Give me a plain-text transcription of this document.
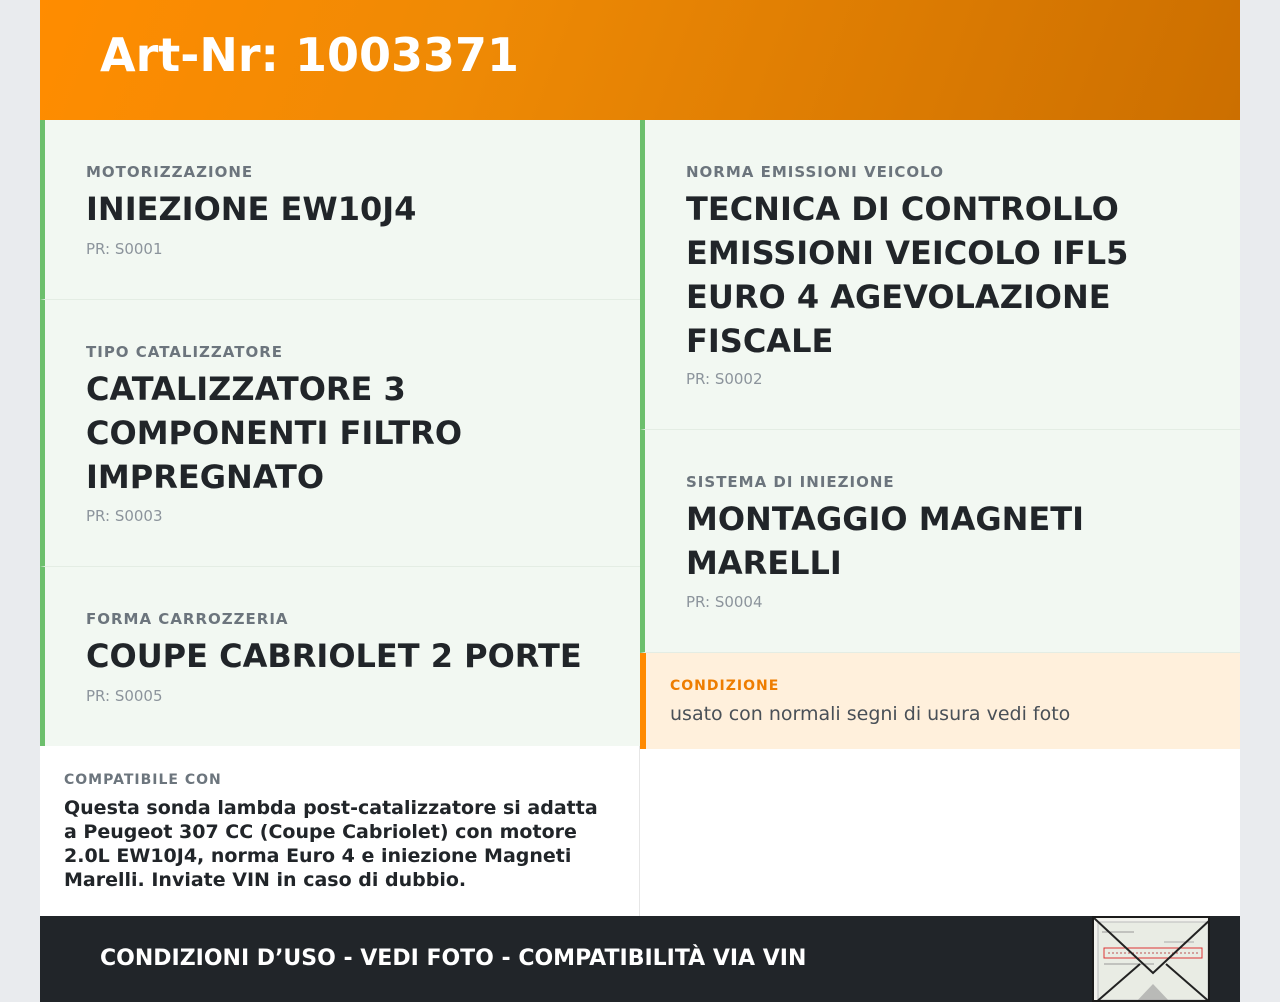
Art-Nr: 1003371
MOTORIZZAZIONE
INIEZIONE EW10J4
PR: S0001
TIPO CATALIZZATORE
CATALIZZATORE 3 COMPONENTI FILTRO IMPREGNATO
PR: S0003
FORMA CARROZZERIA
COUPE CABRIOLET 2 PORTE
PR: S0005
NORMA EMISSIONI VEICOLO
TECNICA DI CONTROLLO EMISSIONI VEICOLO IFL5 EURO 4 AGEVOLAZIONE FISCALE
PR: S0002
SISTEMA DI INIEZIONE
MONTAGGIO MAGNETI MARELLI
PR: S0004
CONDIZIONE
usato con normali segni di usura vedi foto
COMPATIBILE CON
Questa sonda lambda post-catalizzatore si adatta a Peugeot 307 CC (Coupe Cabriolet) con motore 2.0L EW10J4, norma Euro 4 e iniezione Magneti Marelli. Inviate VIN in caso di dubbio.
CONDIZIONI D’USO - VEDI FOTO - COMPATIBILITÀ VIA VIN
